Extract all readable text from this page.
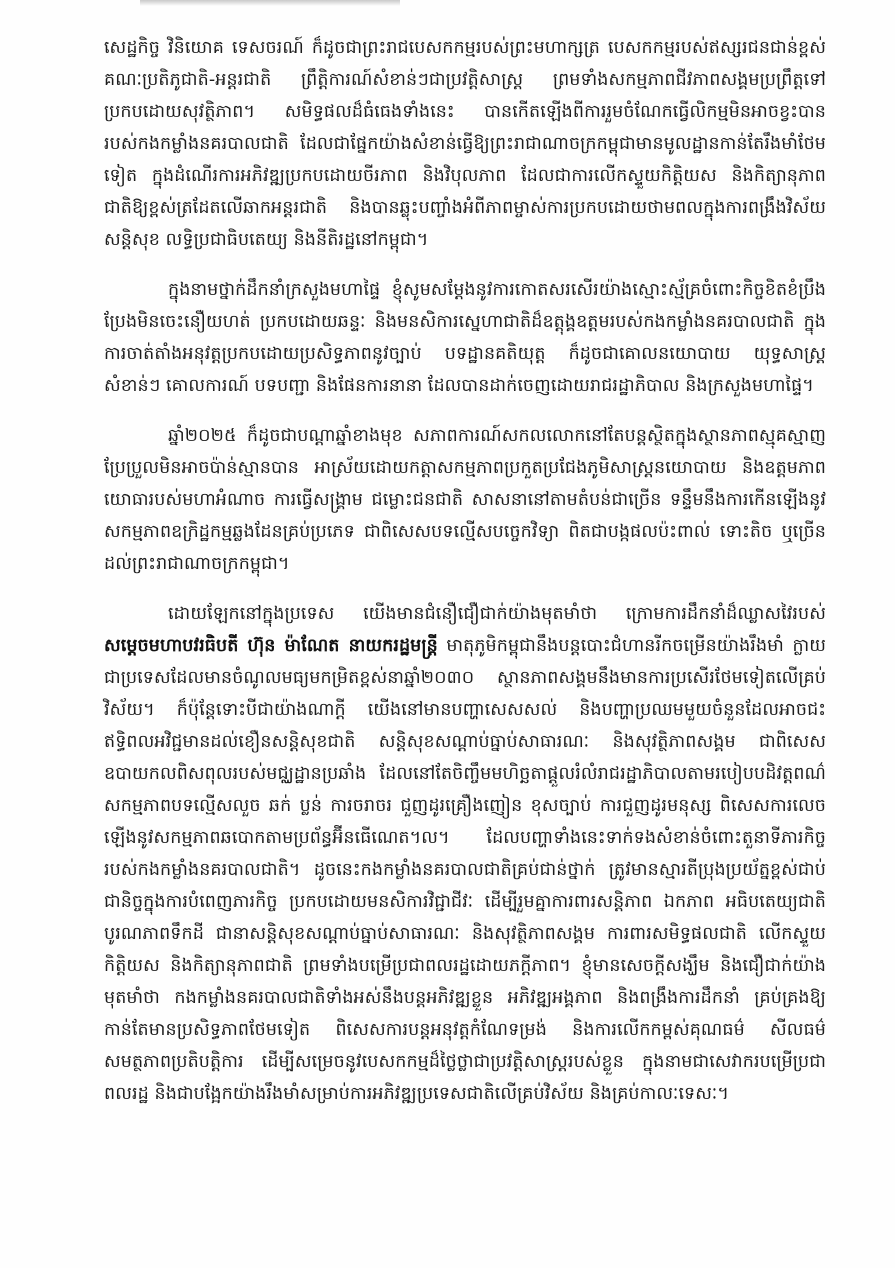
សេដ្ឋកិច្ច វិនិយោគ ទេសចរណ៍ ក៏ដូចជាព្រះរាជបេសកកម្មរបស់ព្រះមហាក្សត្រ បេសកកម្មរបស់ឥស្សរជនជាន់ខ្ពស់ គណៈប្រតិភូជាតិ-អន្តរជាតិ ព្រឹត្តិការណ៍សំខាន់ៗជាប្រវត្តិសាស្ត្រ ព្រមទាំងសកម្មភាពជីវភាពសង្គមប្រព្រឹត្តទៅប្រកបដោយសុវត្ថិភាព។ សមិទ្ធផលដ៏ធំធេងទាំងនេះ បានកើតឡើងពីការរួមចំណែកធ្វើលិកម្មមិនអាចខ្វះបានរបស់កងកម្លាំងនគរបាលជាតិ ដែលជាផ្នែកយ៉ាងសំខាន់ធ្វើឱ្យព្រះរាជាណាចក្រកម្ពុជាមានមូលដ្ឋានកាន់តែរឹងមាំថែមទៀត ក្នុងដំណើរការអភិវឌ្ឍប្រកបដោយចីរភាព និងវិបុលភាព ដែលជាការលើកស្ទួយកិត្តិយស និងកិត្យានុភាពជាតិឱ្យខ្ពស់ត្រដែតលើឆាកអន្តរជាតិ និងបានឆ្លុះបញ្ចាំងអំពីភាពម្ចាស់ការប្រកបដោយថាមពលក្នុងការពង្រឹងវិស័យសន្តិសុខ លទ្ធិប្រជាធិបតេយ្យ និងនីតិរដ្ឋនៅកម្ពុជា។

ក្នុងនាមថ្នាក់ដឹកនាំក្រសួងមហាផ្ទៃ ខ្ញុំសូមសម្ដែងនូវការកោតសរសើរយ៉ាងស្មោះស្ម័គ្រចំពោះកិច្ចខិតខំប្រឹងប្រែងមិនចេះនឿយហត់ ប្រកបដោយឆន្ទៈ និងមនសិការស្នេហាជាតិដ៏ឧត្តុង្គឧត្តមរបស់កងកម្លាំងនគរបាលជាតិ ក្នុងការចាត់តាំងអនុវត្តប្រកបដោយប្រសិទ្ធភាពនូវច្បាប់ បទដ្ឋានគតិយុត្ត ក៏ដូចជាគោលនយោបាយ យុទ្ធសាស្ត្រសំខាន់ៗ គោលការណ៍ បទបញ្ជា និងផែនការនានា ដែលបានដាក់ចេញដោយរាជរដ្ឋាភិបាល និងក្រសួងមហាផ្ទៃ។

ឆ្នាំ២០២៥ ក៏ដូចជាបណ្តាឆ្នាំខាងមុខ សភាពការណ៍សកលលោកនៅតែបន្តស្ថិតក្នុងស្ថានភាពស្មុគស្មាញ ប្រែប្រួលមិនអាចប៉ាន់ស្មានបាន អាស្រ័យដោយកត្តាសកម្មភាពប្រកួតប្រជែងភូមិសាស្ត្រនយោបាយ និងឧត្តមភាពយោធារបស់មហាអំណាច ការធ្វើសង្គ្រាម ជម្លោះជនជាតិ សាសនានៅតាមតំបន់ជាច្រើន ទន្ទឹមនឹងការកើនឡើងនូវសកម្មភាពឧក្រិដ្ឋកម្មឆ្លងដែនគ្រប់ប្រភេទ ជាពិសេសបទល្មើសបច្ចេកវិទ្យា ពិតជាបង្កផលប៉ះពាល់ ទោះតិច ឬច្រើនដល់ព្រះរាជាណាចក្រកម្ពុជា។

ដោយឡែកនៅក្នុងប្រទេស យើងមានជំនឿជឿជាក់យ៉ាងមុតមាំថា ក្រោមការដឹកនាំដ៏ឈ្លាសវៃរបស់ សម្ដេចមហាបវរធិបតី ហ៊ុន ម៉ាណែត នាយករដ្ឋមន្ត្រី មាតុភូមិកម្ពុជានឹងបន្តបោះជំហានរីកចម្រើនយ៉ាងរឹងមាំ ក្លាយជាប្រទេសដែលមានចំណូលមធ្យមកម្រិតខ្ពស់នាឆ្នាំ២០៣០ ស្ថានភាពសង្គមនឹងមានការប្រសើរថែមទៀតលើគ្រប់វិស័យ។ ក៏ប៉ុន្តែទោះបីជាយ៉ាងណាក្ដី យើងនៅមានបញ្ហាសេសសល់ និងបញ្ហាប្រឈមមួយចំនួនដែលអាចជះឥទ្ធិពលអវិជ្ជមានដល់ខឿនសន្តិសុខជាតិ សន្តិសុខសណ្ដាប់ធ្នាប់សាធារណៈ និងសុវត្ថិភាពសង្គម ជាពិសេសឧបាយកលពិសពុលរបស់មជ្ឈដ្ឋានប្រឆាំង ដែលនៅតែចិញ្ចឹមមហិច្ឆតាផ្ដួលរំលំរាជរដ្ឋាភិបាលតាមរបៀបបដិវត្តពណ៌ សកម្មភាពបទល្មើសលួច ឆក់ ប្លន់ ការចរាចរ ជួញដូរគ្រឿងញៀន ខុសច្បាប់ ការជួញដូរមនុស្ស ពិសេសការលេចឡើងនូវសកម្មភាពឆបោកតាមប្រព័ន្ធអ៊ីនធើណេត។ល។ ដែលបញ្ហាទាំងនេះទាក់ទងសំខាន់ចំពោះតួនាទីភារកិច្ចរបស់កងកម្លាំងនគរបាលជាតិ។ ដូចនេះកងកម្លាំងនគរបាលជាតិគ្រប់ជាន់ថ្នាក់ ត្រូវមានស្មារតីប្រុងប្រយ័ត្នខ្ពស់ជាប់ជានិច្ចក្នុងការបំពេញភារកិច្ច ប្រកបដោយមនសិការវិជ្ជាជីវៈ ដើម្បីរួមគ្នាការពារសន្តិភាព ឯកភាព អធិបតេយ្យជាតិ បូរណភាពទឹកដី ជានាសន្តិសុខសណ្ដាប់ធ្នាប់សាធារណៈ និងសុវត្ថិភាពសង្គម ការពារសមិទ្ធផលជាតិ លើកស្ទួយកិត្តិយស និងកិត្យានុភាពជាតិ ព្រមទាំងបម្រើប្រជាពលរដ្ឋដោយភក្ដីភាព។ ខ្ញុំមានសេចក្ដីសង្ឃឹម និងជឿជាក់យ៉ាងមុតមាំថា កងកម្លាំងនគរបាលជាតិទាំងអស់នឹងបន្តអភិវឌ្ឍខ្លួន អភិវឌ្ឍអង្គភាព និងពង្រឹងការដឹកនាំ គ្រប់គ្រងឱ្យកាន់តែមានប្រសិទ្ធភាពថែមទៀត ពិសេសការបន្តអនុវត្តកំណែទម្រង់ និងការលើកកម្ពស់គុណធម៌ សីលធម៌ សមត្ថភាពប្រតិបត្តិការ ដើម្បីសម្រេចនូវបេសកកម្មដ៏ថ្លៃថ្លាជាប្រវត្តិសាស្ត្ររបស់ខ្លួន ក្នុងនាមជាសេវាករបម្រើប្រជាពលរដ្ឋ និងជាបង្អែកយ៉ាងរឹងមាំសម្រាប់ការអភិវឌ្ឍប្រទេសជាតិលើគ្រប់វិស័យ និងគ្រប់កាលៈទេសៈ។
